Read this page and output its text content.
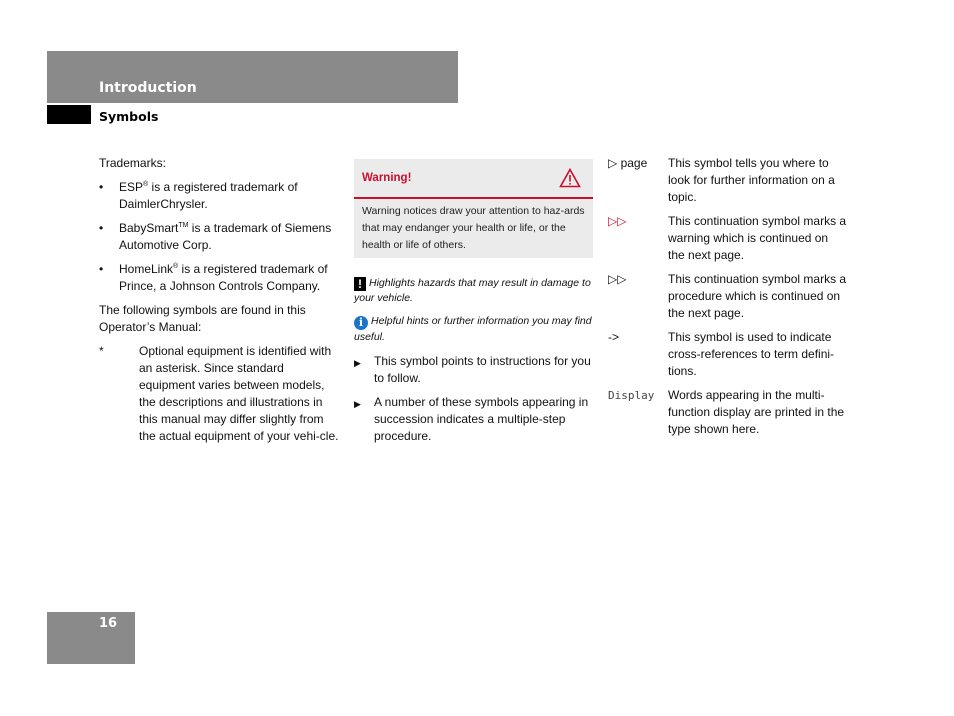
Introduction
Symbols

Trademarks:

•	ESP® is a registered trademark of DaimlerChrysler.
•	BabySmart™ is a trademark of Siemens Automotive Corp.
•	HomeLink® is a registered trademark of Prince, a Johnson Controls Company.

The following symbols are found in this Operator’s Manual:

*	Optional equipment is identified with an asterisk. Since standard equipment varies between models, the descriptions and illustrations in this manual may differ slightly from the actual equipment of your vehi-cle.
Warning!
Warning notices draw your attention to haz-ards that may endanger your health or life, or the health or life of others.
! Highlights hazards that may result in damage to your vehicle.
i Helpful hints or further information you may find useful.
▶	This symbol points to instructions for you to follow.
▶	A number of these symbols appearing in succession indicates a multiple-step procedure.
▷ page	This symbol tells you where to look for further information on a topic.
▷▷	This continuation symbol marks a warning which is continued on the next page.
▷▷	This continuation symbol marks a procedure which is continued on the next page.
->	This symbol is used to indicate cross-references to term defini-tions.
Display	Words appearing in the multi-function display are printed in the type shown here.
16
